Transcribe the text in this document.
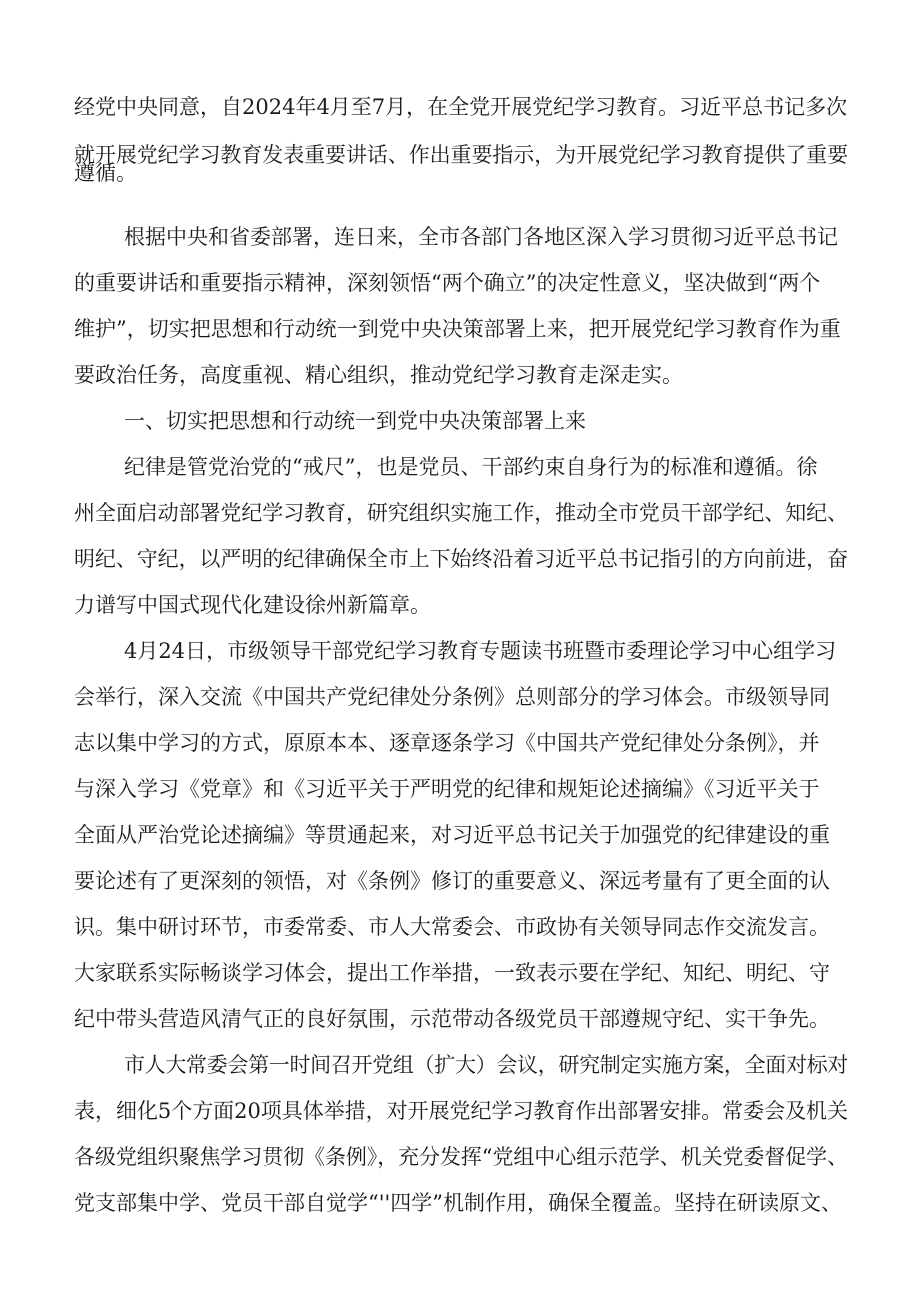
经党中央同意，自2024年4月至7月，在全党开展党纪学习教育。习近平总书记多次
就开展党纪学习教育发表重要讲话、作出重要指示，为开展党纪学习教育提供了重要
遵循。
根据中央和省委部署，连日来，全市各部门各地区深入学习贯彻习近平总书记
的重要讲话和重要指示精神，深刻领悟“两个确立”的决定性意义，坚决做到“两个
维护”，切实把思想和行动统一到党中央决策部署上来，把开展党纪学习教育作为重
要政治任务，高度重视、精心组织，推动党纪学习教育走深走实。
一、切实把思想和行动统一到党中央决策部署上来
纪律是管党治党的“戒尺”，也是党员、干部约束自身行为的标准和遵循。徐
州全面启动部署党纪学习教育，研究组织实施工作，推动全市党员干部学纪、知纪、
明纪、守纪，以严明的纪律确保全市上下始终沿着习近平总书记指引的方向前进，奋
力谱写中国式现代化建设徐州新篇章。
4月24日，市级领导干部党纪学习教育专题读书班暨市委理论学习中心组学习
会举行，深入交流《中国共产党纪律处分条例》总则部分的学习体会。市级领导同
志以集中学习的方式，原原本本、逐章逐条学习《中国共产党纪律处分条例》，并
与深入学习《党章》和《习近平关于严明党的纪律和规矩论述摘编》《习近平关于
全面从严治党论述摘编》等贯通起来，对习近平总书记关于加强党的纪律建设的重
要论述有了更深刻的领悟，对《条例》修订的重要意义、深远考量有了更全面的认
识。集中研讨环节，市委常委、市人大常委会、市政协有关领导同志作交流发言。
大家联系实际畅谈学习体会，提出工作举措，一致表示要在学纪、知纪、明纪、守
纪中带头营造风清气正的良好氛围，示范带动各级党员干部遵规守纪、实干争先。
市人大常委会第一时间召开党组（扩大）会议，研究制定实施方案，全面对标对
表，细化5个方面20项具体举措，对开展党纪学习教育作出部署安排。常委会及机关
各级党组织聚焦学习贯彻《条例》，充分发挥“党组中心组示范学、机关党委督促学、
党支部集中学、党员干部自觉学“''四学”机制作用，确保全覆盖。坚持在研读原文、
